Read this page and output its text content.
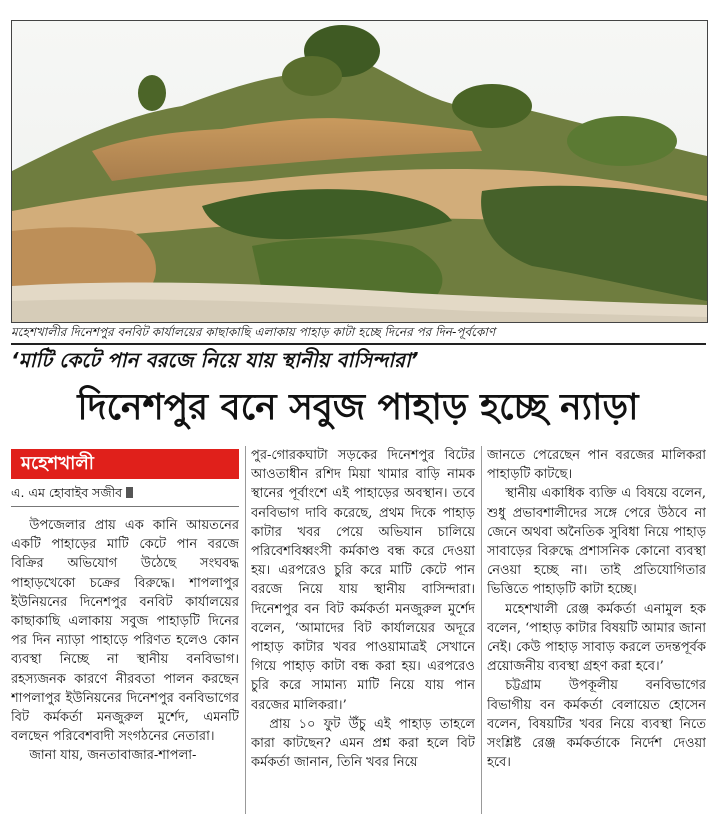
মহেশখালীর দিনেশপুর বনবিট কার্যালয়ের কাছাকাছি এলাকায় পাহাড় কাটা হচ্ছে দিনের পর দিন-পূর্বকোণ
‘মাটি কেটে পান বরজে নিয়ে যায় স্থানীয় বাসিন্দারা’
দিনেশপুর বনে সবুজ পাহাড় হচ্ছে ন্যাড়া
মহেশখালী
এ. এম হোবাইব সজীব

উপজেলার প্রায় এক কানি আয়তনের একটি পাহাড়ের মাটি কেটে পান বরজে বিক্রির অভিযোগ উঠেছে সংঘবদ্ধ পাহাড়খেকো চক্রের বিরুদ্ধে। শাপলাপুর ইউনিয়নের দিনেশপুর বনবিট কার্যালয়ের কাছাকাছি এলাকায় সবুজ পাহাড়টি দিনের পর দিন ন্যাড়া পাহাড়ে পরিণত হলেও কোন ব্যবস্থা নিচ্ছে না স্থানীয় বনবিভাগ। রহস্যজনক কারণে নীরবতা পালন করছেন শাপলাপুর ইউনিয়নের দিনেশপুর বনবিভাগের বিট কর্মকর্তা মনজুরুল মুর্শেদ, এমনটি বলছেন পরিবেশবাদী সংগঠনের নেতারা।

জানা যায়, জনতাবাজার-শাপলা-

পুর-গোরকঘাটা সড়কের দিনেশপুর বিটের আওতাধীন রশিদ মিয়া খামার বাড়ি নামক স্থানের পূর্বাংশে এই পাহাড়ের অবস্থান। তবে বনবিভাগ দাবি করেছে, প্রথম দিকে পাহাড় কাটার খবর পেয়ে অভিযান চালিয়ে পরিবেশবিধ্বংসী কর্মকাণ্ড বন্ধ করে দেওয়া হয়। এরপরেও চুরি করে মাটি কেটে পান বরজে নিয়ে যায় স্থানীয় বাসিন্দারা। দিনেশপুর বন বিট কর্মকর্তা মনজুরুল মুর্শেদ বলেন, ‘আমাদের বিট কার্যালয়ের অদূরে পাহাড় কাটার খবর পাওয়ামাত্রই সেখানে গিয়ে পাহাড় কাটা বন্ধ করা হয়। এরপরেও চুরি করে সামান্য মাটি নিয়ে যায় পান বরজের মালিকরা।’

প্রায় ১০ ফুট উঁচু এই পাহাড় তাহলে কারা কাটছেন? এমন প্রশ্ন করা হলে বিট কর্মকর্তা জানান, তিনি খবর নিয়ে

জানতে পেরেছেন পান বরজের মালিকরা পাহাড়টি কাটছে।

স্থানীয় একাধিক ব্যক্তি এ বিষয়ে বলেন, শুধু প্রভাবশালীদের সঙ্গে পেরে উঠবে না জেনে অথবা অনৈতিক সুবিধা নিয়ে পাহাড় সাবাড়ের বিরুদ্ধে প্রশাসনিক কোনো ব্যবস্থা নেওয়া হচ্ছে না। তাই প্রতিযোগিতার ভিত্তিতে পাহাড়টি কাটা হচ্ছে।

মহেশখালী রেঞ্জ কর্মকর্তা এনামুল হক বলেন, ‘পাহাড় কাটার বিষয়টি আমার জানা নেই। কেউ পাহাড় সাবাড় করলে তদন্তপূর্বক প্রয়োজনীয় ব্যবস্থা গ্রহণ করা হবে।’

চট্টগ্রাম উপকূলীয় বনবিভাগের বিভাগীয় বন কর্মকর্তা বেলায়েত হোসেন বলেন, বিষয়টির খবর নিয়ে ব্যবস্থা নিতে সংশ্লিষ্ট রেঞ্জ কর্মকর্তাকে নির্দেশ দেওয়া হবে।
